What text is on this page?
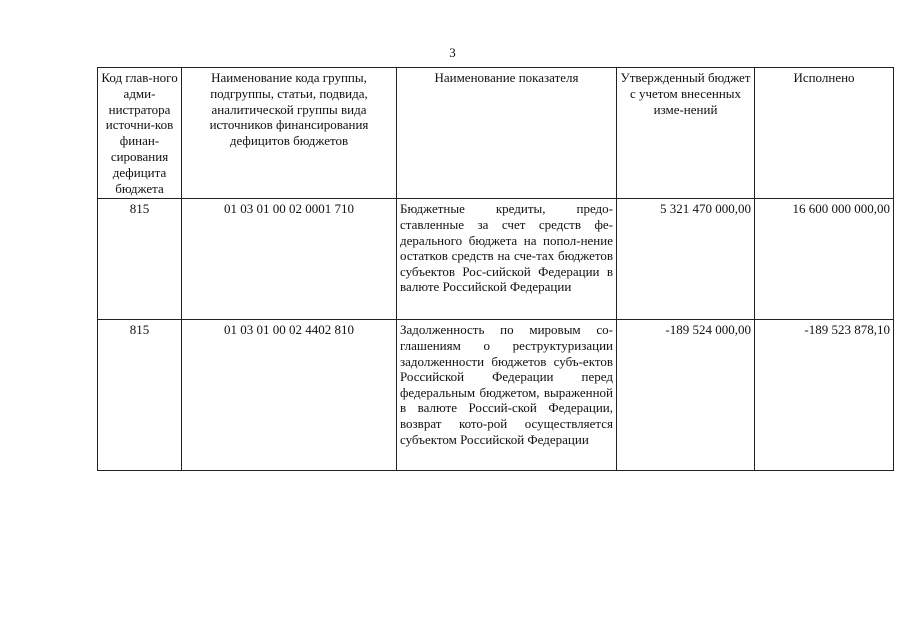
3
Код глав-ного адми-нистратора источни-ков финан-сирования дефицита бюджета	Наименование кода группы, подгруппы, статьи, подвида, аналитической группы вида источников финансирования дефицитов бюджетов	Наименование показателя	Утвержденный бюджет с учетом внесенных изме-нений	Исполнено
815	01 03 01 00 02 0001 710	Бюджетные кредиты, предо-ставленные за счет средств фе-дерального бюджета на попол-нение остатков средств на сче-тах бюджетов субъектов Рос-сийской Федерации в валюте Российской Федерации	5 321 470 000,00	16 600 000 000,00
815	01 03 01 00 02 4402 810	Задолженность по мировым со-глашениям о реструктуризации задолженности бюджетов субъ-ектов Российской Федерации перед федеральным бюджетом, выраженной в валюте Россий-ской Федерации, возврат кото-рой осуществляется субъектом Российской Федерации	-189 524 000,00	-189 523 878,10
